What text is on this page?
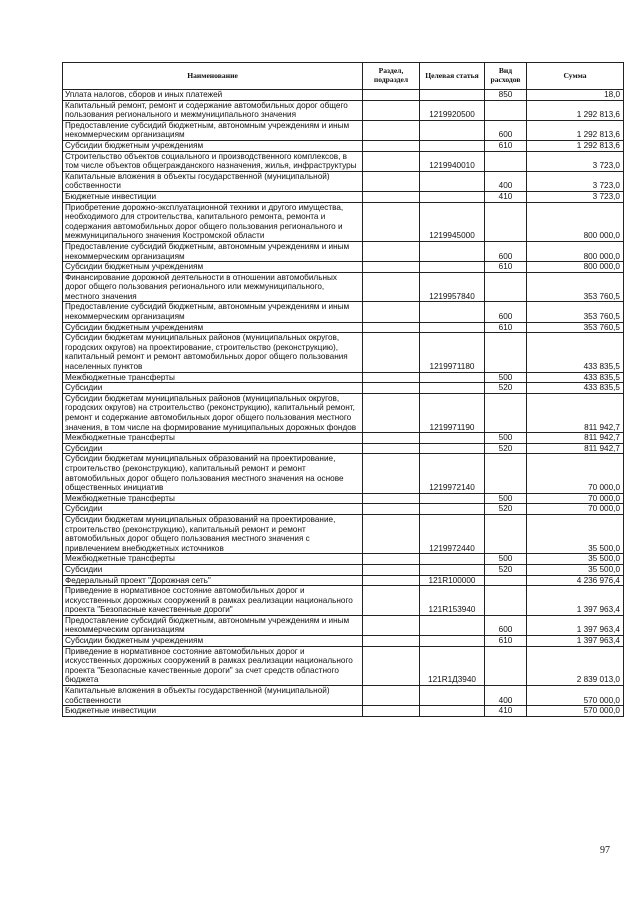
Наименование	Раздел, подраздел	Целевая статья	Вид расходов	Сумма
Уплата налогов, сборов и иных платежей			850	18,0
Капитальный ремонт, ремонт и содержание автомобильных дорог общего пользования регионального и межмуниципального значения		1219920500		1 292 813,6
Предоставление субсидий бюджетным, автономным учреждениям и иным некоммерческим организациям			600	1 292 813,6
Субсидии бюджетным учреждениям			610	1 292 813,6
Строительство объектов социального и производственного комплексов, в том числе объектов общегражданского назначения, жилья, инфраструктуры		1219940010		3 723,0
Капитальные вложения в объекты государственной (муниципальной) собственности			400	3 723,0
Бюджетные инвестиции			410	3 723,0
Приобретение дорожно-эксплуатационной техники и другого имущества, необходимого для строительства, капитального ремонта, ремонта и содержания автомобильных дорог общего пользования регионального и межмуниципального значения Костромской области		1219945000		800 000,0
Предоставление субсидий бюджетным, автономным учреждениям и иным некоммерческим организациям			600	800 000,0
Субсидии бюджетным учреждениям			610	800 000,0
Финансирование дорожной деятельности в отношении автомобильных дорог общего пользования регионального или межмуниципального, местного значения		1219957840		353 760,5
Предоставление субсидий бюджетным, автономным учреждениям и иным некоммерческим организациям			600	353 760,5
Субсидии бюджетным учреждениям			610	353 760,5
Субсидии бюджетам муниципальных районов (муниципальных округов, городских округов) на проектирование, строительство (реконструкцию), капитальный ремонт и ремонт автомобильных дорог общего пользования населенных пунктов		1219971180		433 835,5
Межбюджетные трансферты			500	433 835,5
Субсидии			520	433 835,5
Субсидии бюджетам муниципальных районов (муниципальных округов, городских округов) на строительство (реконструкцию), капитальный ремонт, ремонт и содержание автомобильных дорог общего пользования местного значения, в том числе на формирование муниципальных дорожных фондов		1219971190		811 942,7
Межбюджетные трансферты			500	811 942,7
Субсидии			520	811 942,7
Субсидии бюджетам муниципальных образований на проектирование, строительство (реконструкцию), капитальный ремонт и ремонт автомобильных дорог общего пользования местного значения на основе общественных инициатив		1219972140		70 000,0
Межбюджетные трансферты			500	70 000,0
Субсидии			520	70 000,0
Субсидии бюджетам муниципальных образований на проектирование, строительство (реконструкцию), капитальный ремонт и ремонт автомобильных дорог общего пользования местного значения с привлечением внебюджетных источников		1219972440		35 500,0
Межбюджетные трансферты			500	35 500,0
Субсидии			520	35 500,0
Федеральный проект "Дорожная сеть"		121R100000		4 236 976,4
Приведение в нормативное состояние автомобильных дорог и искусственных дорожных сооружений в рамках реализации национального проекта "Безопасные качественные дороги"		121R153940		1 397 963,4
Предоставление субсидий бюджетным, автономным учреждениям и иным некоммерческим организациям			600	1 397 963,4
Субсидии бюджетным учреждениям			610	1 397 963,4
Приведение в нормативное состояние автомобильных дорог и искусственных дорожных сооружений в рамках реализации национального проекта "Безопасные качественные дороги" за счет средств областного бюджета		121R1Д3940		2 839 013,0
Капитальные вложения в объекты государственной (муниципальной) собственности			400	570 000,0
Бюджетные инвестиции			410	570 000,0
97
